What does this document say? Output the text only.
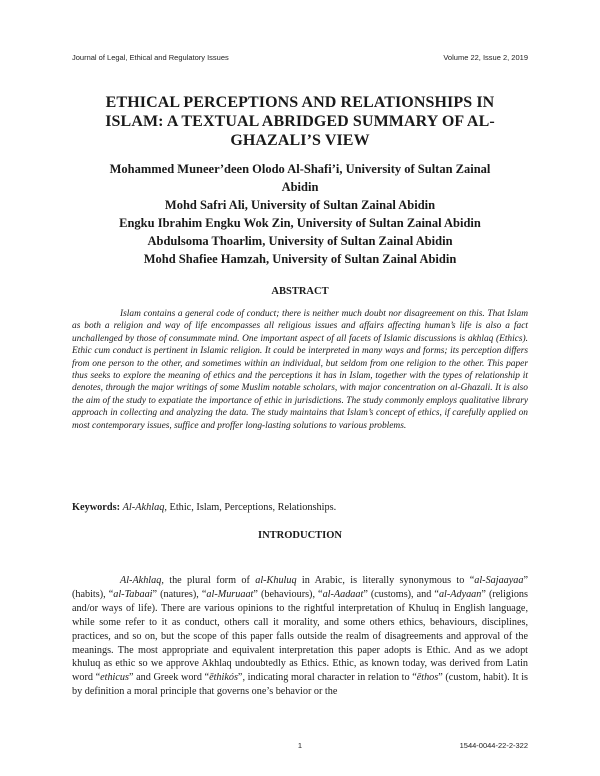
Journal of Legal, Ethical and Regulatory Issues	Volume 22, Issue 2, 2019
ETHICAL PERCEPTIONS AND RELATIONSHIPS IN ISLAM: A TEXTUAL ABRIDGED SUMMARY OF AL-GHAZALI’S VIEW
Mohammed Muneer’deen Olodo Al-Shafi’i, University of Sultan Zainal Abidin
Mohd Safri Ali, University of Sultan Zainal Abidin
Engku Ibrahim Engku Wok Zin, University of Sultan Zainal Abidin
Abdulsoma Thoarlim, University of Sultan Zainal Abidin
Mohd Shafiee Hamzah, University of Sultan Zainal Abidin
ABSTRACT
Islam contains a general code of conduct; there is neither much doubt nor disagreement on this. That Islam as both a religion and way of life encompasses all religious issues and affairs affecting human’s life is also a fact unchallenged by those of consummate mind. One important aspect of all facets of Islamic discussions is akhlaq (Ethics). Ethic cum conduct is pertinent in Islamic religion. It could be interpreted in many ways and forms; its perception differs from one person to the other, and sometimes within an individual, but seldom from one religion to the other. This paper thus seeks to explore the meaning of ethics and the perceptions it has in Islam, together with the types of relationship it denotes, through the major writings of some Muslim notable scholars, with major concentration on al-Ghazali. It is also the aim of the study to expatiate the importance of ethic in jurisdictions. The study commonly employs qualitative library approach in collecting and analyzing the data. The study maintains that Islam’s concept of ethics, if carefully applied on most contemporary issues, suffice and proffer long-lasting solutions to various problems.
Keywords: Al-Akhlaq, Ethic, Islam, Perceptions, Relationships.
INTRODUCTION
Al-Akhlaq, the plural form of al-Khuluq in Arabic, is literally synonymous to “al-Sajaayaa” (habits), “al-Tabaai” (natures), “al-Muruaat” (behaviours), “al-Aadaat” (customs), and “al-Adyaan” (religions and/or ways of life). There are various opinions to the rightful interpretation of Khuluq in English language, while some refer to it as conduct, others call it morality, and some others ethics, behaviours, disciplines, practices, and so on, but the scope of this paper falls outside the realm of disagreements and approval of the meanings. The most appropriate and equivalent interpretation this paper adopts is Ethic. And as we adopt khuluq as ethic so we approve Akhlaq undoubtedly as Ethics. Ethic, as known today, was derived from Latin word “ethicus” and Greek word “ēthikós”, indicating moral character in relation to “ēthos” (custom, habit). It is by definition a moral principle that governs one’s behavior or the
1	1544-0044-22-2-322
